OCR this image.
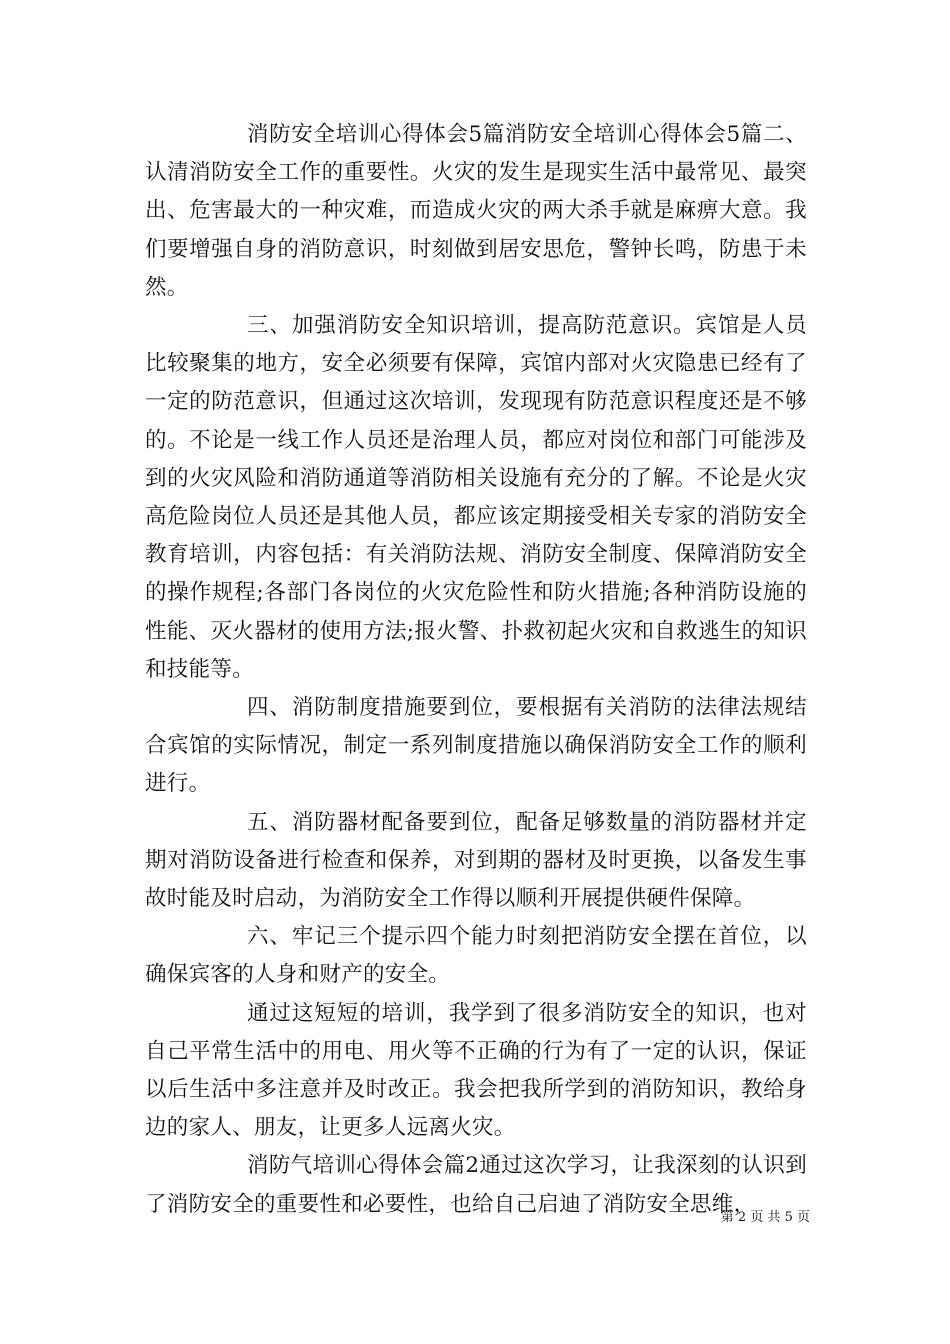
消防安全培训心得体会5篇消防安全培训心得体会5篇二、认清消防安全工作的重要性。火灾的发生是现实生活中最常见、最突出、危害最大的一种灾难，而造成火灾的两大杀手就是麻痹大意。我们要增强自身的消防意识，时刻做到居安思危，警钟长鸣，防患于未然。

三、加强消防安全知识培训，提高防范意识。宾馆是人员比较聚集的地方，安全必须要有保障，宾馆内部对火灾隐患已经有了一定的防范意识，但通过这次培训，发现现有防范意识程度还是不够的。不论是一线工作人员还是治理人员，都应对岗位和部门可能涉及到的火灾风险和消防通道等消防相关设施有充分的了解。不论是火灾高危险岗位人员还是其他人员，都应该定期接受相关专家的消防安全教育培训，内容包括：有关消防法规、消防安全制度、保障消防安全的操作规程;各部门各岗位的火灾危险性和防火措施;各种消防设施的性能、灭火器材的使用方法;报火警、扑救初起火灾和自救逃生的知识和技能等。

四、消防制度措施要到位，要根据有关消防的法律法规结合宾馆的实际情况，制定一系列制度措施以确保消防安全工作的顺利进行。

五、消防器材配备要到位，配备足够数量的消防器材并定期对消防设备进行检查和保养，对到期的器材及时更换，以备发生事故时能及时启动，为消防安全工作得以顺利开展提供硬件保障。

六、牢记三个提示四个能力时刻把消防安全摆在首位，以确保宾客的人身和财产的安全。

通过这短短的培训，我学到了很多消防安全的知识，也对自己平常生活中的用电、用火等不正确的行为有了一定的认识，保证以后生活中多注意并及时改正。我会把我所学到的消防知识，教给身边的家人、朋友，让更多人远离火灾。

消防气培训心得体会篇2通过这次学习，让我深刻的认识到了消防安全的重要性和必要性，也给自己启迪了消防安全思维，

第 2 页 共 5 页
